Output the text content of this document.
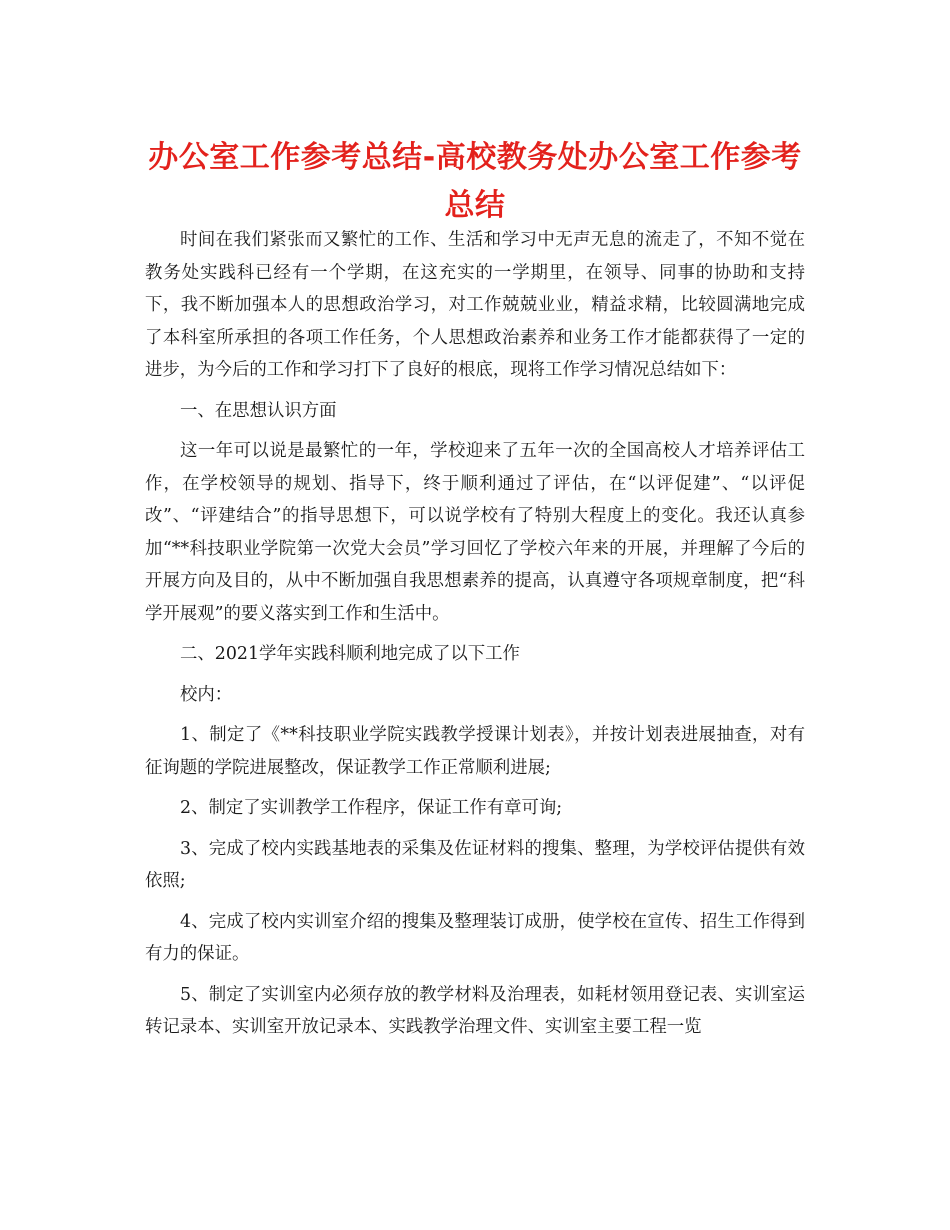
办公室工作参考总结-高校教务处办公室工作参考总结

时间在我们紧张而又繁忙的工作、生活和学习中无声无息的流走了，不知不觉在教务处实践科已经有一个学期，在这充实的一学期里，在领导、同事的协助和支持下，我不断加强本人的思想政治学习，对工作兢兢业业，精益求精，比较圆满地完成了本科室所承担的各项工作任务，个人思想政治素养和业务工作才能都获得了一定的进步，为今后的工作和学习打下了良好的根底，现将工作学习情况总结如下：

一、在思想认识方面

这一年可以说是最繁忙的一年，学校迎来了五年一次的全国高校人才培养评估工作，在学校领导的规划、指导下，终于顺利通过了评估，在“以评促建”、“以评促改”、“评建结合”的指导思想下，可以说学校有了特别大程度上的变化。我还认真参加“**科技职业学院第一次党大会员”学习回忆了学校六年来的开展，并理解了今后的开展方向及目的，从中不断加强自我思想素养的提高，认真遵守各项规章制度，把“科学开展观”的要义落实到工作和生活中。

二、2021学年实践科顺利地完成了以下工作

校内：

1、制定了《**科技职业学院实践教学授课计划表》，并按计划表进展抽查，对有征询题的学院进展整改，保证教学工作正常顺利进展;

2、制定了实训教学工作程序，保证工作有章可询;

3、完成了校内实践基地表的采集及佐证材料的搜集、整理，为学校评估提供有效依照;

4、完成了校内实训室介绍的搜集及整理装订成册，使学校在宣传、招生工作得到有力的保证。

5、制定了实训室内必须存放的教学材料及治理表，如耗材领用登记表、实训室运转记录本、实训室开放记录本、实践教学治理文件、实训室主要工程一览
